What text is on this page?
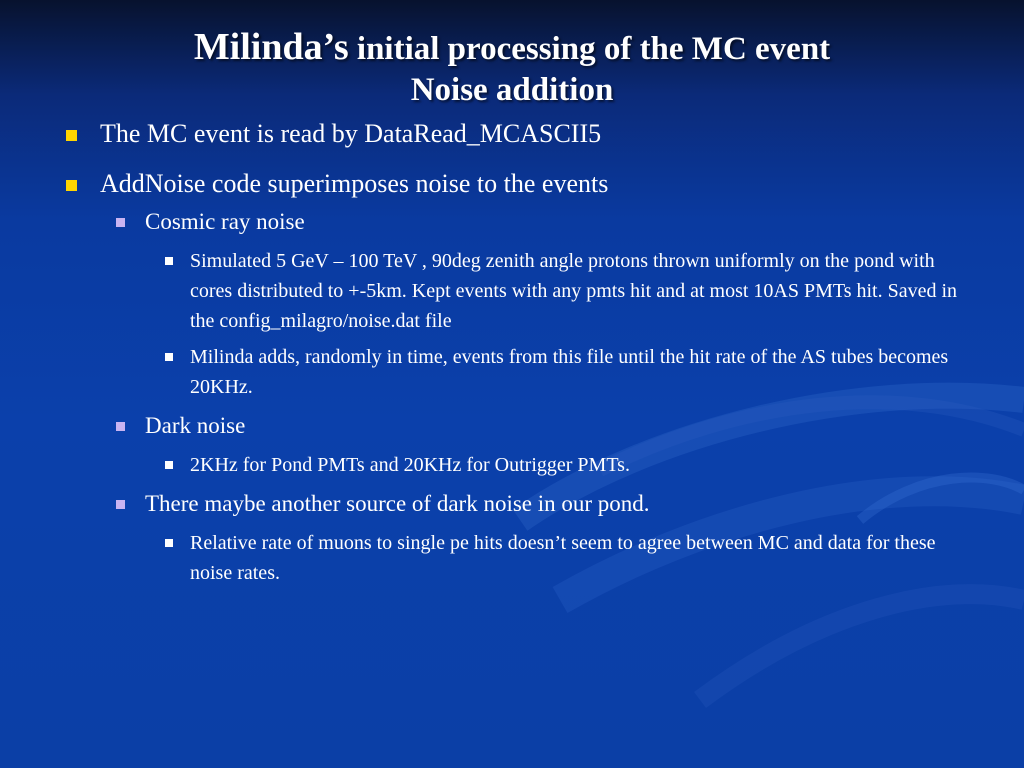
Milinda’s initial processing of the MC event
Noise addition
The MC event is read by DataRead_MCASCII5
AddNoise code superimposes noise to the events
Cosmic ray noise
Simulated 5 GeV – 100 TeV , 90deg zenith angle protons thrown uniformly on the pond with cores distributed to +-5km. Kept events with any pmts hit and at most 10AS PMTs hit. Saved in the config_milagro/noise.dat file
Milinda adds, randomly in time, events from this file until the hit rate of the AS tubes becomes 20KHz.
Dark noise
2KHz for Pond PMTs and 20KHz for Outrigger PMTs.
There maybe another source of dark noise in our pond.
Relative rate of muons to single pe hits doesn’t seem to agree between MC and data for these noise rates.
